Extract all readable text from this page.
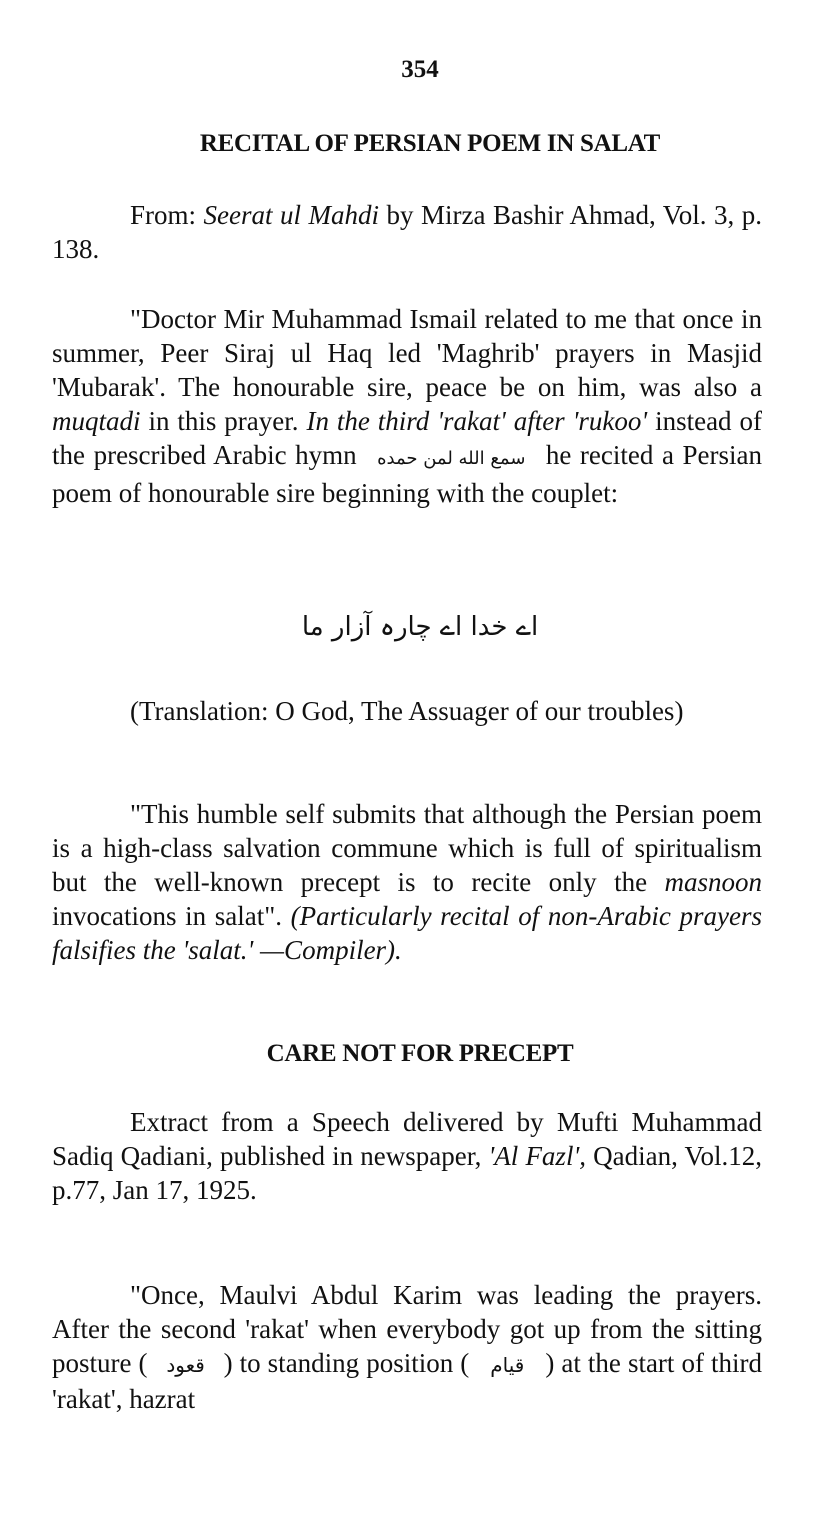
354
RECITAL OF PERSIAN POEM IN SALAT
From: Seerat ul Mahdi by Mirza Bashir Ahmad, Vol. 3, p. 138.
"Doctor Mir Muhammad Ismail related to me that once in summer, Peer Siraj ul Haq led 'Maghrib' prayers in Masjid 'Mubarak'. The honourable sire, peace be on him, was also a muqtadi in this prayer. In the third 'rakat' after 'rukoo' instead of the prescribed Arabic hymn سمع الله لمن حمده he recited a Persian poem of honourable sire beginning with the couplet:
اے خدا اے چارہ آزار ما
(Translation: O God, The Assuager of our troubles)
"This humble self submits that although the Persian poem is a high-class salvation commune which is full of spiritualism but the well-known precept is to recite only the masnoon invocations in salat". (Particularly recital of non-Arabic prayers falsifies the 'salat.' —Compiler).
CARE NOT FOR PRECEPT
Extract from a Speech delivered by Mufti Muhammad Sadiq Qadiani, published in newspaper, 'Al Fazl', Qadian, Vol.12, p.77, Jan 17, 1925.
"Once, Maulvi Abdul Karim was leading the prayers. After the second 'rakat' when everybody got up from the sitting posture ( قعود ) to standing position ( قیام ) at the start of third 'rakat', hazrat
